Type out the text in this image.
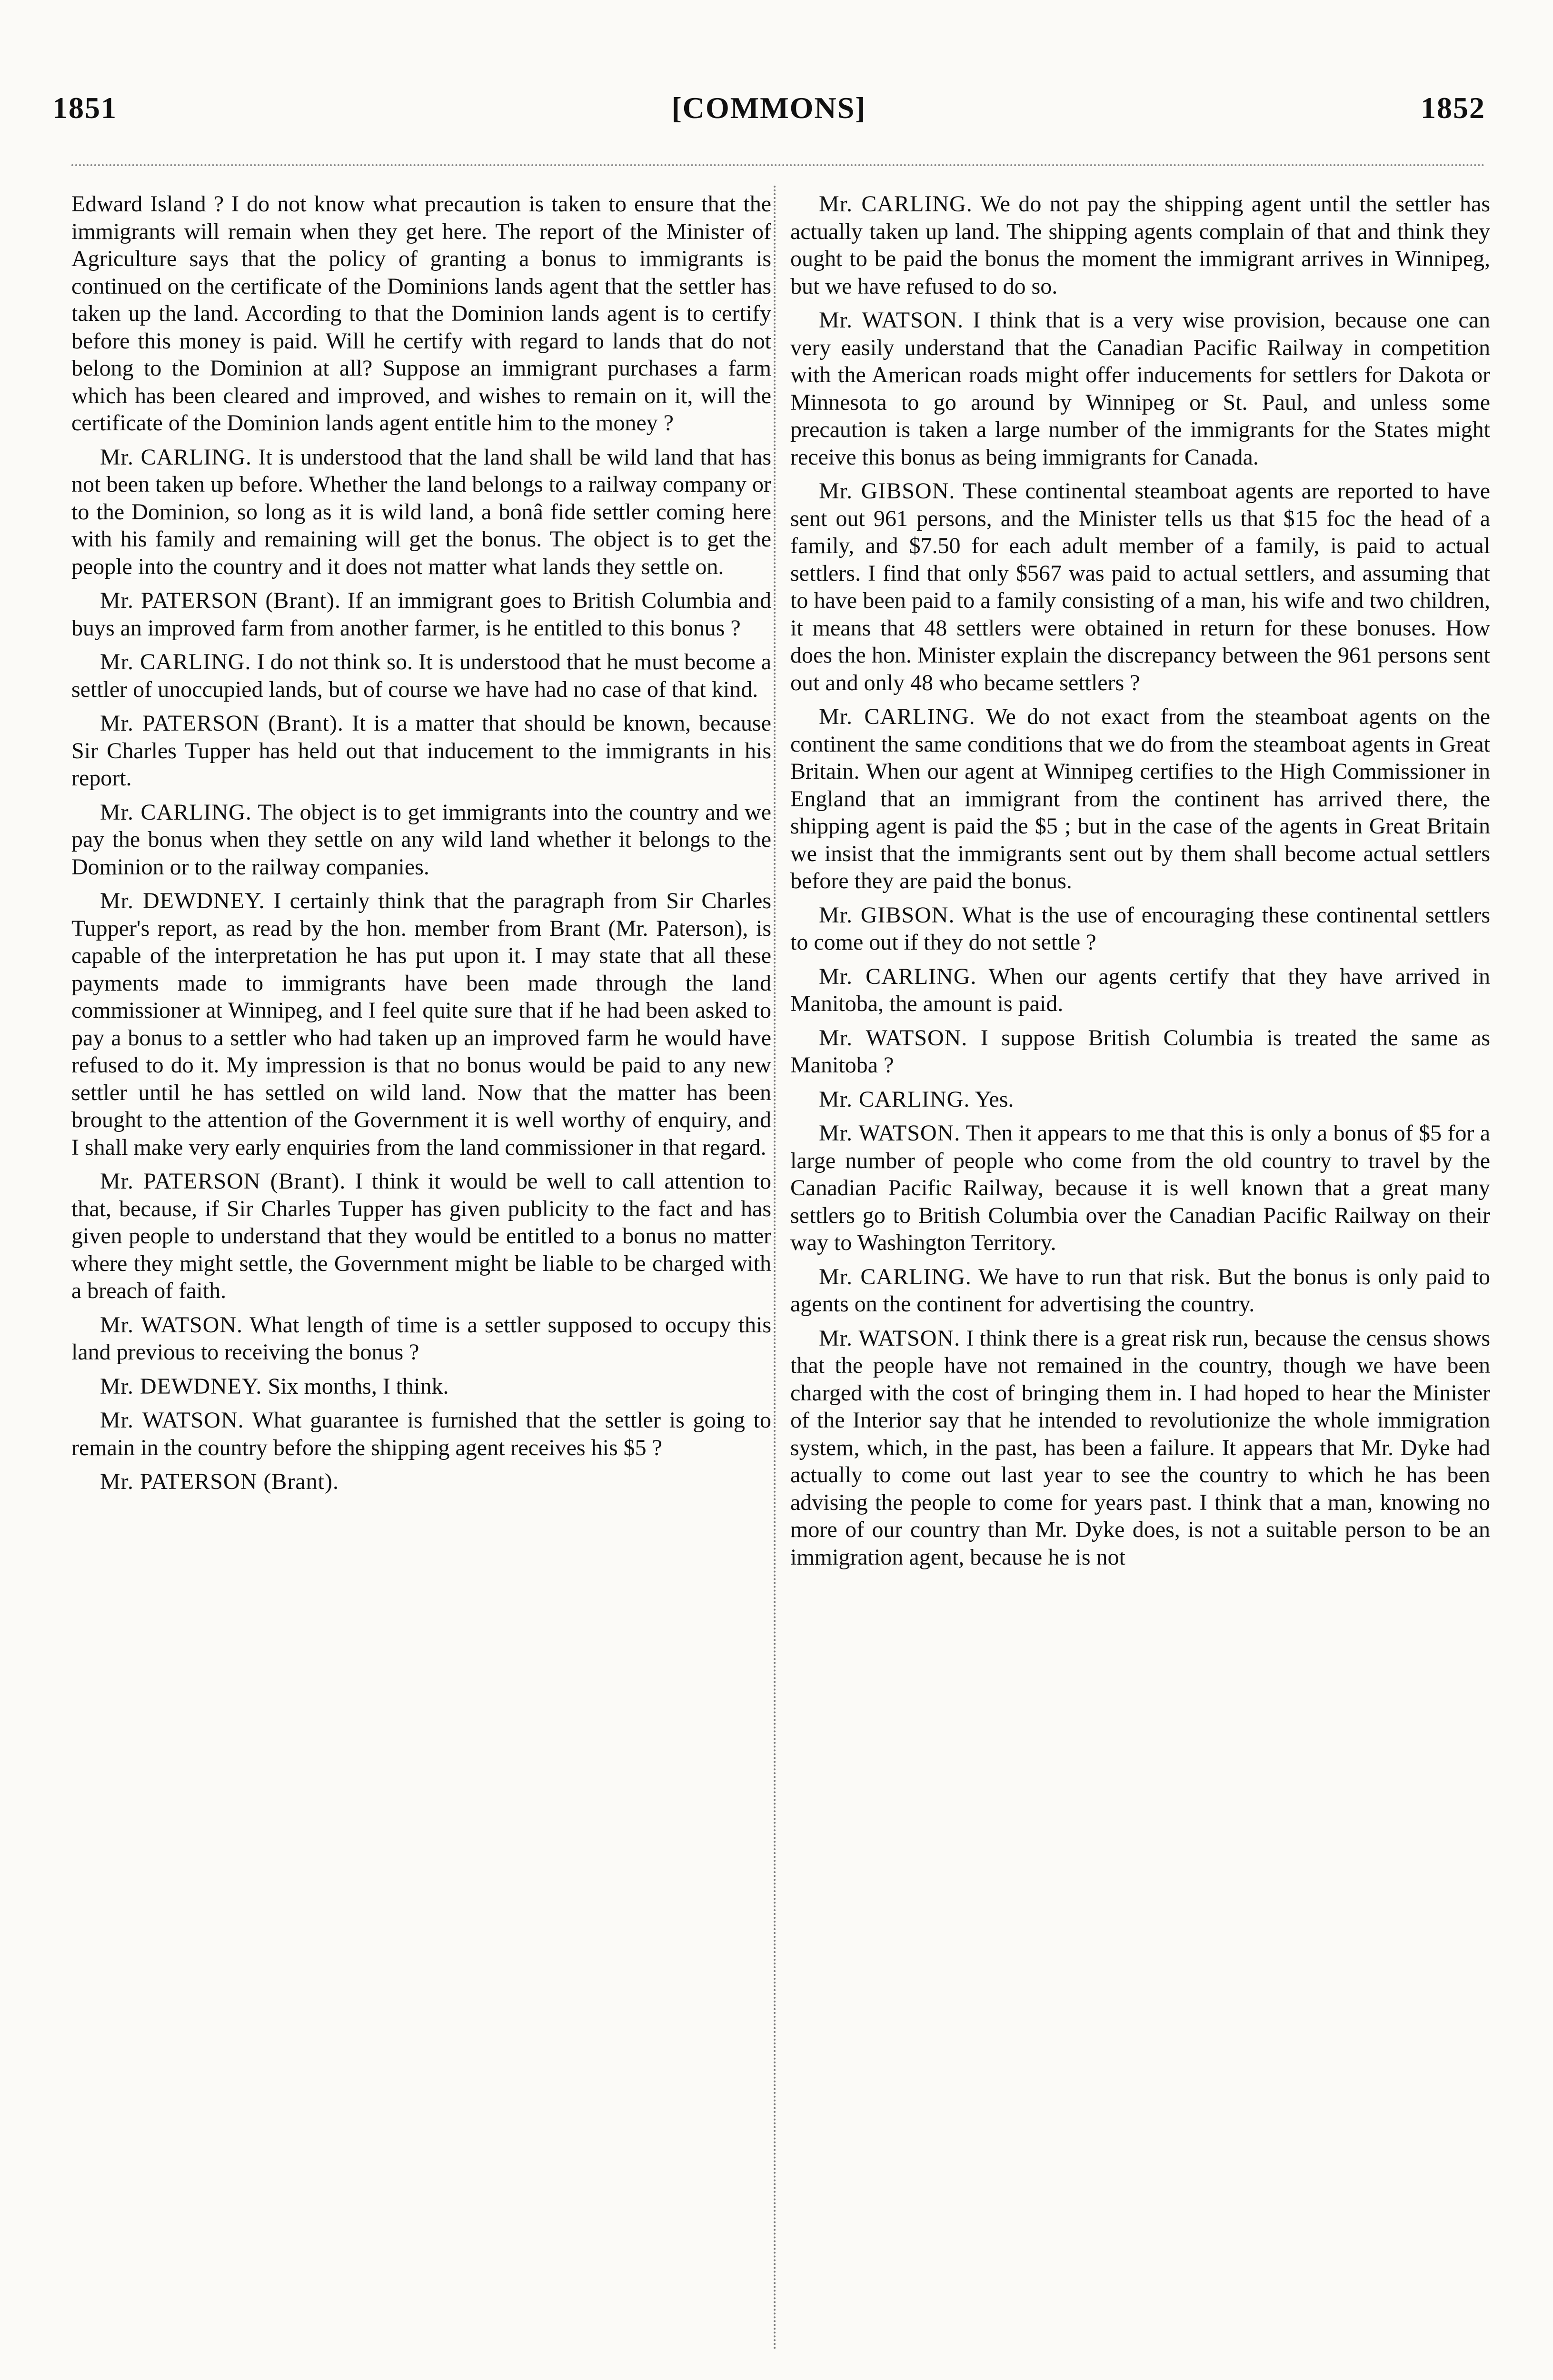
1851	[COMMONS]	1852

Edward Island ? I do not know what precaution is taken to ensure that the immigrants will remain when they get here. The report of the Minister of Agriculture says that the policy of granting a bonus to immigrants is continued on the certificate of the Dominions lands agent that the settler has taken up the land. According to that the Dominion lands agent is to certify before this money is paid. Will he certify with regard to lands that do not belong to the Dominion at all? Suppose an immigrant purchases a farm which has been cleared and improved, and wishes to remain on it, will the certificate of the Dominion lands agent entitle him to the money ?

Mr. CARLING. It is understood that the land shall be wild land that has not been taken up before. Whether the land belongs to a railway company or to the Dominion, so long as it is wild land, a bonâ fide settler coming here with his family and remaining will get the bonus. The object is to get the people into the country and it does not matter what lands they settle on.

Mr. PATERSON (Brant). If an immigrant goes to British Columbia and buys an improved farm from another farmer, is he entitled to this bonus ?

Mr. CARLING. I do not think so. It is understood that he must become a settler of unoccupied lands, but of course we have had no case of that kind.

Mr. PATERSON (Brant). It is a matter that should be known, because Sir Charles Tupper has held out that inducement to the immigrants in his report.

Mr. CARLING. The object is to get immigrants into the country and we pay the bonus when they settle on any wild land whether it belongs to the Dominion or to the railway companies.

Mr. DEWDNEY. I certainly think that the paragraph from Sir Charles Tupper's report, as read by the hon. member from Brant (Mr. Paterson), is capable of the interpretation he has put upon it. I may state that all these payments made to immigrants have been made through the land commissioner at Winnipeg, and I feel quite sure that if he had been asked to pay a bonus to a settler who had taken up an improved farm he would have refused to do it. My impression is that no bonus would be paid to any new settler until he has settled on wild land. Now that the matter has been brought to the attention of the Government it is well worthy of enquiry, and I shall make very early enquiries from the land commissioner in that regard.

Mr. PATERSON (Brant). I think it would be well to call attention to that, because, if Sir Charles Tupper has given publicity to the fact and has given people to understand that they would be entitled to a bonus no matter where they might settle, the Government might be liable to be charged with a breach of faith.

Mr. WATSON. What length of time is a settler supposed to occupy this land previous to receiving the bonus ?

Mr. DEWDNEY. Six months, I think.

Mr. WATSON. What guarantee is furnished that the settler is going to remain in the country before the shipping agent receives his $5 ?

Mr. PATERSON (Brant).

Mr. CARLING. We do not pay the shipping agent until the settler has actually taken up land. The shipping agents complain of that and think they ought to be paid the bonus the moment the immigrant arrives in Winnipeg, but we have refused to do so.

Mr. WATSON. I think that is a very wise provision, because one can very easily understand that the Canadian Pacific Railway in competition with the American roads might offer inducements for settlers for Dakota or Minnesota to go around by Winnipeg or St. Paul, and unless some precaution is taken a large number of the immigrants for the States might receive this bonus as being immigrants for Canada.

Mr. GIBSON. These continental steamboat agents are reported to have sent out 961 persons, and the Minister tells us that $15 foc the head of a family, and $7.50 for each adult member of a family, is paid to actual settlers. I find that only $567 was paid to actual settlers, and assuming that to have been paid to a family consisting of a man, his wife and two children, it means that 48 settlers were obtained in return for these bonuses. How does the hon. Minister explain the discrepancy between the 961 persons sent out and only 48 who became settlers ?

Mr. CARLING. We do not exact from the steamboat agents on the continent the same conditions that we do from the steamboat agents in Great Britain. When our agent at Winnipeg certifies to the High Commissioner in England that an immigrant from the continent has arrived there, the shipping agent is paid the $5 ; but in the case of the agents in Great Britain we insist that the immigrants sent out by them shall become actual settlers before they are paid the bonus.

Mr. GIBSON. What is the use of encouraging these continental settlers to come out if they do not settle ?

Mr. CARLING. When our agents certify that they have arrived in Manitoba, the amount is paid.

Mr. WATSON. I suppose British Columbia is treated the same as Manitoba ?

Mr. CARLING. Yes.

Mr. WATSON. Then it appears to me that this is only a bonus of $5 for a large number of people who come from the old country to travel by the Canadian Pacific Railway, because it is well known that a great many settlers go to British Columbia over the Canadian Pacific Railway on their way to Washington Territory.

Mr. CARLING. We have to run that risk. But the bonus is only paid to agents on the continent for advertising the country.

Mr. WATSON. I think there is a great risk run, because the census shows that the people have not remained in the country, though we have been charged with the cost of bringing them in. I had hoped to hear the Minister of the Interior say that he intended to revolutionize the whole immigration system, which, in the past, has been a failure. It appears that Mr. Dyke had actually to come out last year to see the country to which he has been advising the people to come for years past. I think that a man, knowing no more of our country than Mr. Dyke does, is not a suitable person to be an immigration agent, because he is not
